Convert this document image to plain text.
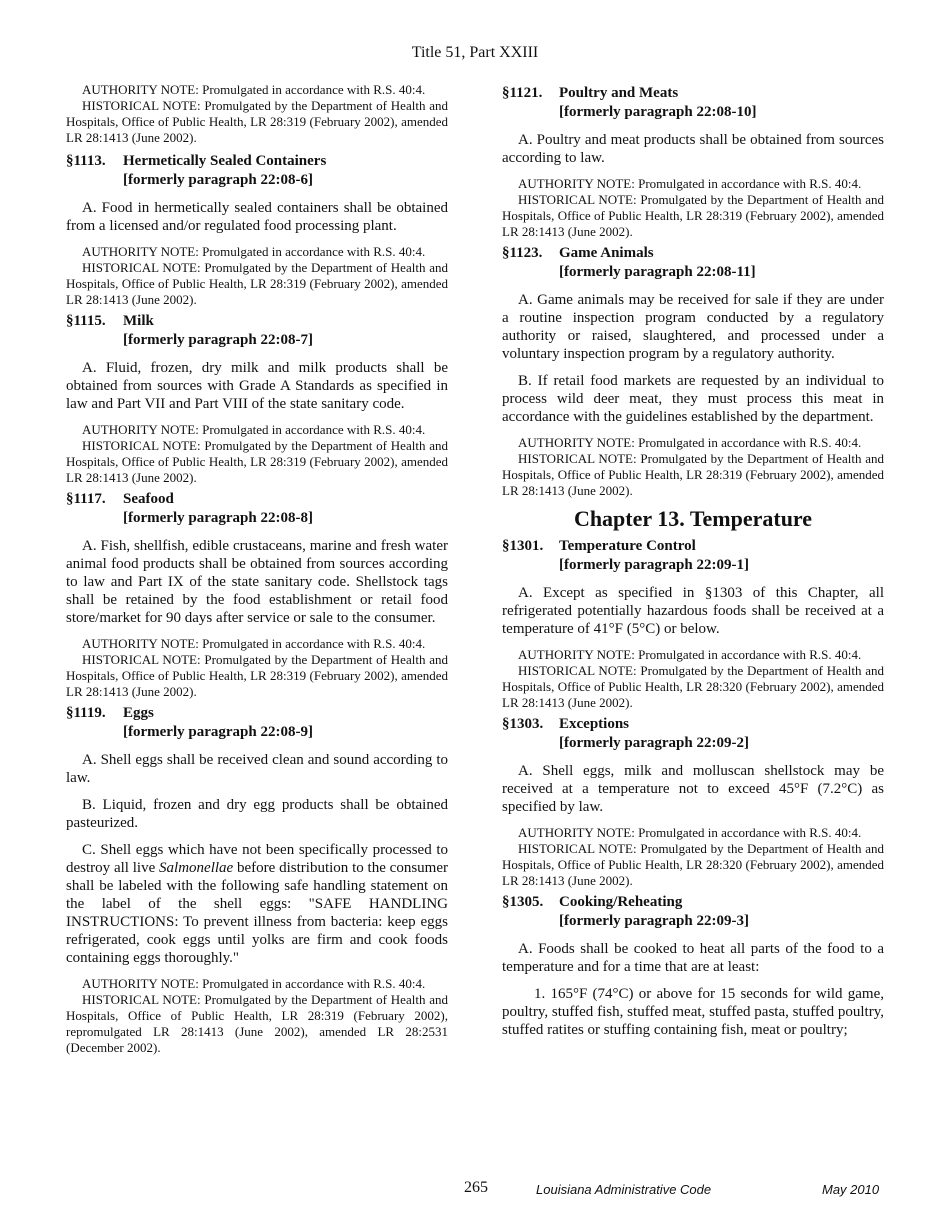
Title 51, Part XXIII

AUTHORITY NOTE: Promulgated in accordance with R.S. 40:4.

HISTORICAL NOTE: Promulgated by the Department of Health and Hospitals, Office of Public Health, LR 28:319 (February 2002), amended LR 28:1413 (June 2002).

§1113.	Hermetically Sealed Containers
[formerly paragraph 22:08-6]

A. Food in hermetically sealed containers shall be obtained from a licensed and/or regulated food processing plant.

AUTHORITY NOTE: Promulgated in accordance with R.S. 40:4.

HISTORICAL NOTE: Promulgated by the Department of Health and Hospitals, Office of Public Health, LR 28:319 (February 2002), amended LR 28:1413 (June 2002).

§1115.	Milk
[formerly paragraph 22:08-7]

A. Fluid, frozen, dry milk and milk products shall be obtained from sources with Grade A Standards as specified in law and Part VII and Part VIII of the state sanitary code.

AUTHORITY NOTE: Promulgated in accordance with R.S. 40:4.

HISTORICAL NOTE: Promulgated by the Department of Health and Hospitals, Office of Public Health, LR 28:319 (February 2002), amended LR 28:1413 (June 2002).

§1117.	Seafood
[formerly paragraph 22:08-8]

A. Fish, shellfish, edible crustaceans, marine and fresh water animal food products shall be obtained from sources according to law and Part IX of the state sanitary code. Shellstock tags shall be retained by the food establishment or retail food store/market for 90 days after service or sale to the consumer.

AUTHORITY NOTE: Promulgated in accordance with R.S. 40:4.

HISTORICAL NOTE: Promulgated by the Department of Health and Hospitals, Office of Public Health, LR 28:319 (February 2002), amended LR 28:1413 (June 2002).

§1119.	Eggs
[formerly paragraph 22:08-9]

A. Shell eggs shall be received clean and sound according to law.

B. Liquid, frozen and dry egg products shall be obtained pasteurized.

C. Shell eggs which have not been specifically processed to destroy all live Salmonellae before distribution to the consumer shall be labeled with the following safe handling statement on the label of the shell eggs: "SAFE HANDLING INSTRUCTIONS: To prevent illness from bacteria: keep eggs refrigerated, cook eggs until yolks are firm and cook foods containing eggs thoroughly."

AUTHORITY NOTE: Promulgated in accordance with R.S. 40:4.

HISTORICAL NOTE: Promulgated by the Department of Health and Hospitals, Office of Public Health, LR 28:319 (February 2002), repromulgated LR 28:1413 (June 2002), amended LR 28:2531 (December 2002).

§1121.	Poultry and Meats
[formerly paragraph 22:08-10]

A. Poultry and meat products shall be obtained from sources according to law.

AUTHORITY NOTE: Promulgated in accordance with R.S. 40:4.

HISTORICAL NOTE: Promulgated by the Department of Health and Hospitals, Office of Public Health, LR 28:319 (February 2002), amended LR 28:1413 (June 2002).

§1123.	Game Animals
[formerly paragraph 22:08-11]

A. Game animals may be received for sale if they are under a routine inspection program conducted by a regulatory authority or raised, slaughtered, and processed under a voluntary inspection program by a regulatory authority.

B. If retail food markets are requested by an individual to process wild deer meat, they must process this meat in accordance with the guidelines established by the department.

AUTHORITY NOTE: Promulgated in accordance with R.S. 40:4.

HISTORICAL NOTE: Promulgated by the Department of Health and Hospitals, Office of Public Health, LR 28:319 (February 2002), amended LR 28:1413 (June 2002).

Chapter 13. Temperature
§1301.	Temperature Control
[formerly paragraph 22:09-1]

A. Except as specified in §1303 of this Chapter, all refrigerated potentially hazardous foods shall be received at a temperature of 41°F (5°C) or below.

AUTHORITY NOTE: Promulgated in accordance with R.S. 40:4.

HISTORICAL NOTE: Promulgated by the Department of Health and Hospitals, Office of Public Health, LR 28:320 (February 2002), amended LR 28:1413 (June 2002).

§1303.	Exceptions
[formerly paragraph 22:09-2]

A. Shell eggs, milk and molluscan shellstock may be received at a temperature not to exceed 45°F (7.2°C) as specified by law.

AUTHORITY NOTE: Promulgated in accordance with R.S. 40:4.

HISTORICAL NOTE: Promulgated by the Department of Health and Hospitals, Office of Public Health, LR 28:320 (February 2002), amended LR 28:1413 (June 2002).

§1305.	Cooking/Reheating
[formerly paragraph 22:09-3]

A. Foods shall be cooked to heat all parts of the food to a temperature and for a time that are at least:

1. 165°F (74°C) or above for 15 seconds for wild game, poultry, stuffed fish, stuffed meat, stuffed pasta, stuffed poultry, stuffed ratites or stuffing containing fish, meat or poultry;

265	Louisiana Administrative Code	May 2010
